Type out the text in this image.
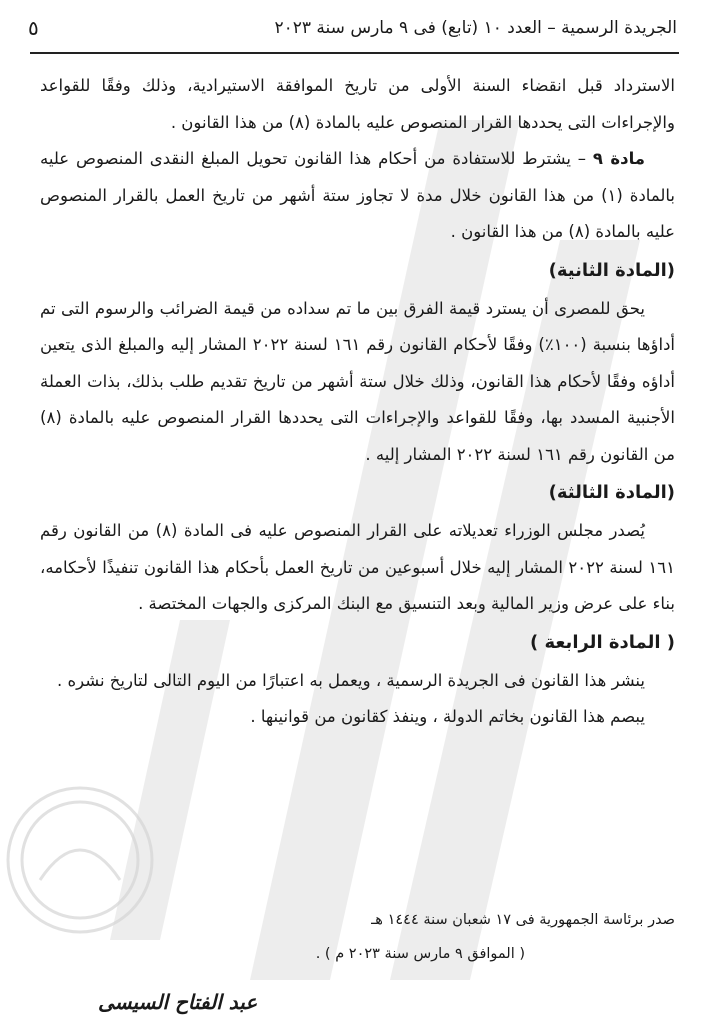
الجريدة الرسمية – العدد ١٠ (تابع) فى ٩ مارس سنة ٢٠٢٣
٥

الاسترداد قبل انقضاء السنة الأولى من تاريخ الموافقة الاستيرادية، وذلك وفقًا للقواعد والإجراءات التى يحددها القرار المنصوص عليه بالمادة (٨) من هذا القانون .

مادة ٩ – يشترط للاستفادة من أحكام هذا القانون تحويل المبلغ النقدى المنصوص عليه بالمادة (١) من هذا القانون خلال مدة لا تجاوز ستة أشهر من تاريخ العمل بالقرار المنصوص عليه بالمادة (٨) من هذا القانون .

(المادة الثانية)

يحق للمصرى أن يسترد قيمة الفرق بين ما تم سداده من قيمة الضرائب والرسوم التى تم أداؤها بنسبة (١٠٠٪) وفقًا لأحكام القانون رقم ١٦١ لسنة ٢٠٢٢ المشار إليه والمبلغ الذى يتعين أداؤه وفقًا لأحكام هذا القانون، وذلك خلال ستة أشهر من تاريخ تقديم طلب بذلك، بذات العملة الأجنبية المسدد بها، وفقًا للقواعد والإجراءات التى يحددها القرار المنصوص عليه بالمادة (٨) من القانون رقم ١٦١ لسنة ٢٠٢٢ المشار إليه .

(المادة الثالثة)

يُصدر مجلس الوزراء تعديلاته على القرار المنصوص عليه فى المادة (٨) من القانون رقم ١٦١ لسنة ٢٠٢٢ المشار إليه خلال أسبوعين من تاريخ العمل بأحكام هذا القانون تنفيذًا لأحكامه، بناء على عرض وزير المالية وبعد التنسيق مع البنك المركزى والجهات المختصة .

( المادة الرابعة )

ينشر هذا القانون فى الجريدة الرسمية ، ويعمل به اعتبارًا من اليوم التالى لتاريخ نشره .

يبصم هذا القانون بخاتم الدولة ، وينفذ كقانون من قوانينها .

صدر برئاسة الجمهورية فى ١٧ شعبان سنة ١٤٤٤ هـ
( الموافق ٩ مارس سنة ٢٠٢٣ م ) .
عبد الفتاح السيسى
